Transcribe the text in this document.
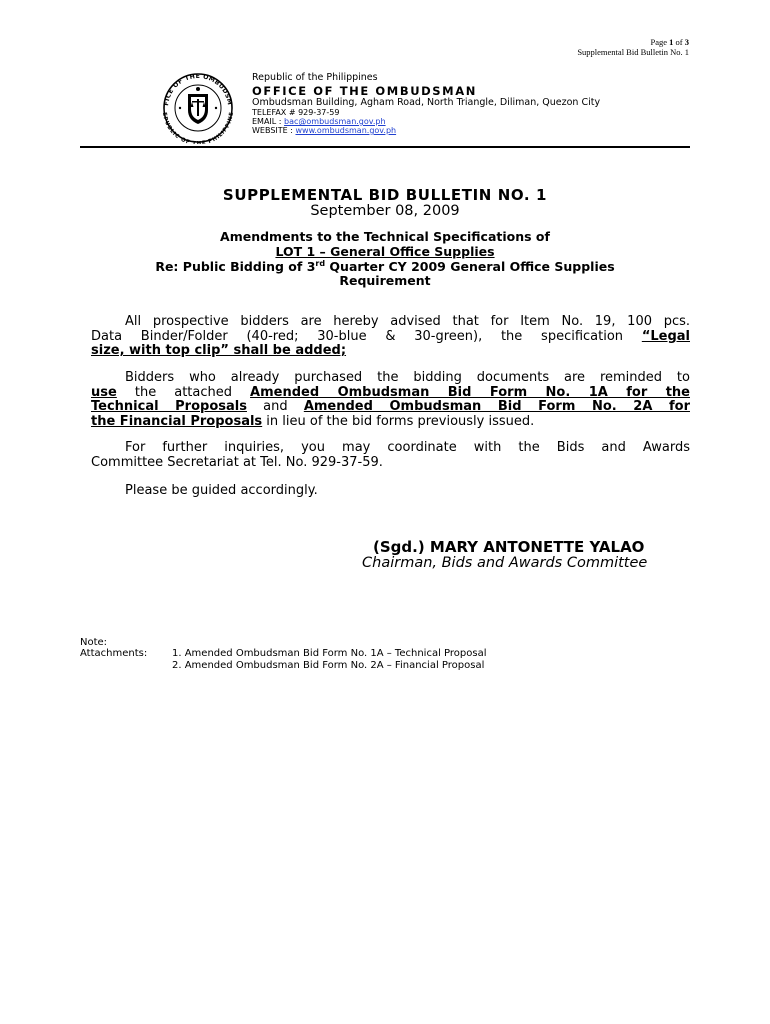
Page 1 of 3
Supplemental Bid Bulletin No. 1
FICE OF THE OMBUDSM
EPUBLIC OF THE PHILIPPINE
Republic of the Philippines
OFFICE OF THE OMBUDSMAN
Ombudsman Building, Agham Road, North Triangle, Diliman, Quezon City
TELEFAX # 929-37-59
EMAIL : bac@ombudsman.gov.ph
WEBSITE : www.ombudsman.gov.ph
SUPPLEMENTAL BID BULLETIN NO. 1
September 08, 2009
Amendments to the Technical Specifications of
LOT 1 – General Office Supplies
Re: Public Bidding of 3rd Quarter CY 2009 General Office Supplies
Requirement
All prospective bidders are hereby advised that for Item No. 19, 100 pcs.
Data Binder/Folder (40-red; 30-blue & 30-green), the specification “Legal
size, with top clip” shall be added;
Bidders who already purchased the bidding documents are reminded to
use the attached Amended Ombudsman Bid Form No. 1A for the
Technical Proposals and Amended Ombudsman Bid Form No. 2A for
the Financial Proposals in lieu of the bid forms previously issued.
For further inquiries, you may coordinate with the Bids and Awards
Committee Secretariat at Tel. No. 929-37-59.
Please be guided accordingly.
(Sgd.) MARY ANTONETTE YALAO
Chairman, Bids and Awards Committee
Note:
Attachments: 1. Amended Ombudsman Bid Form No. 1A – Technical Proposal
2. Amended Ombudsman Bid Form No. 2A – Financial Proposal
